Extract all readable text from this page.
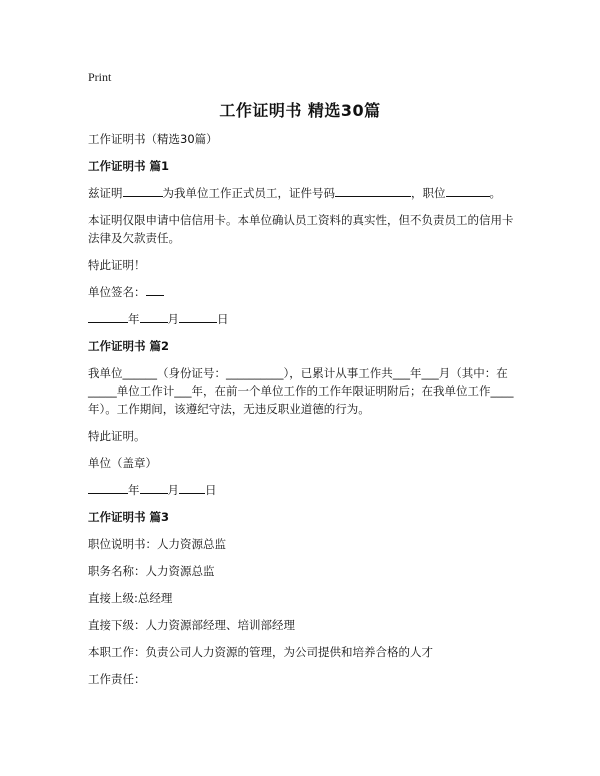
Print
工作证明书 精选30篇
工作证明书（精选30篇）
工作证明书 篇1
兹证明	为我单位工作正式员工，证件号码	，职位	。
本证明仅限申请中信信用卡。本单位确认员工资料的真实性，但不负责员工的信用卡法律及欠款责任。
特此证明！
单位签名：
年 月	日
工作证明书 篇2
我单位______（身份证号：__________），已累计从事工作共___年___月（其中：在_____单位工作计___年，在前一个单位工作的工作年限证明附后；在我单位工作____年）。工作期间，该遵纪守法，无违反职业道德的行为。
特此证明。
单位（盖章）
年 月 日
工作证明书 篇3
职位说明书：人力资源总监
职务名称：人力资源总监
直接上级:总经理
直接下级：人力资源部经理、培训部经理
本职工作：负责公司人力资源的管理，为公司提供和培养合格的人才
工作责任：
